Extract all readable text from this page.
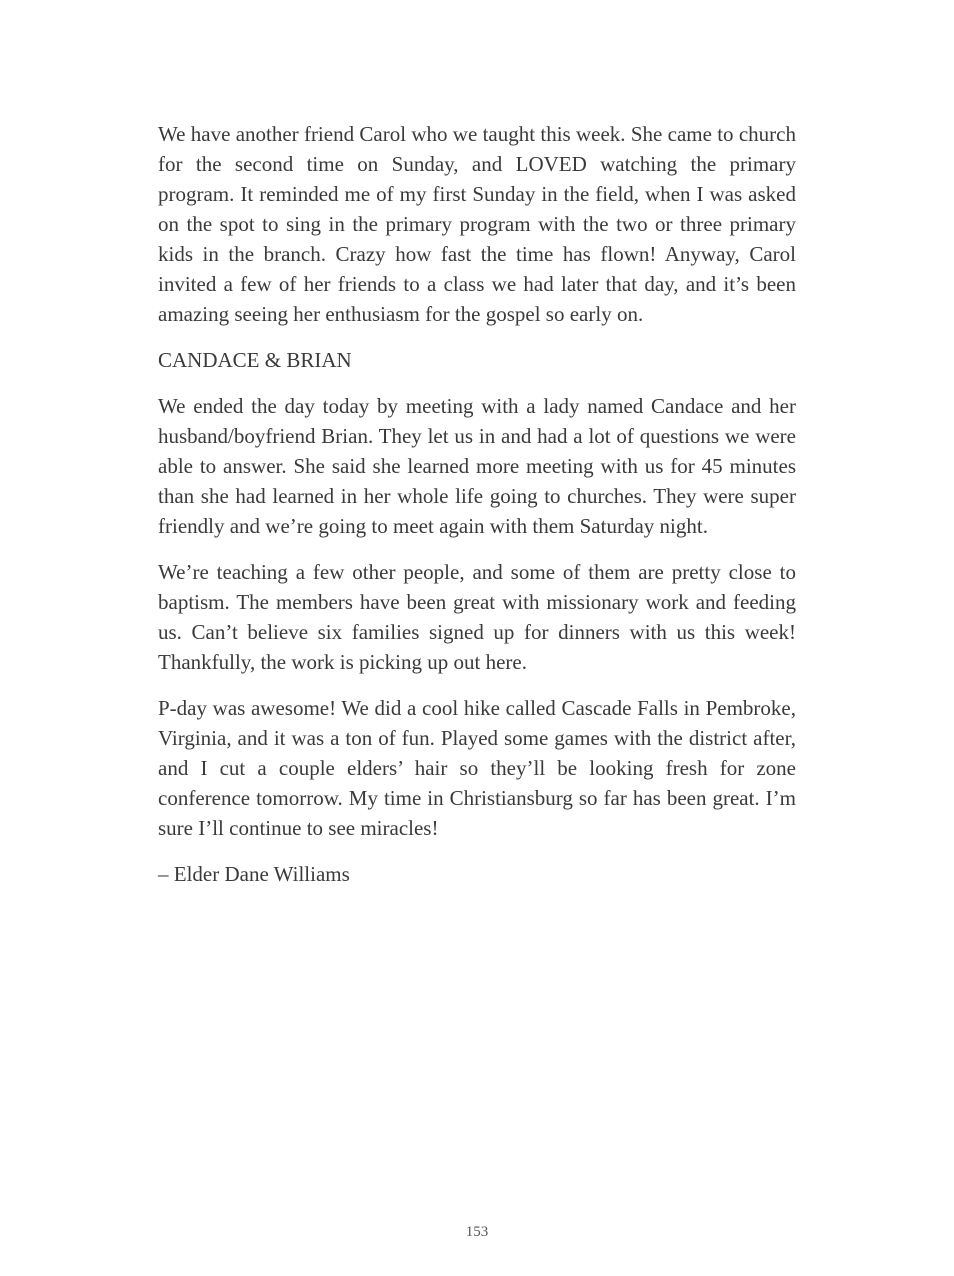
We have another friend Carol who we taught this week. She came to church for the second time on Sunday, and LOVED watching the primary program. It reminded me of my first Sunday in the field, when I was asked on the spot to sing in the primary program with the two or three primary kids in the branch. Crazy how fast the time has flown! Anyway, Carol invited a few of her friends to a class we had later that day, and it’s been amazing seeing her enthusiasm for the gospel so early on.

CANDACE & BRIAN

We ended the day today by meeting with a lady named Candace and her husband/boyfriend Brian. They let us in and had a lot of questions we were able to answer. She said she learned more meeting with us for 45 minutes than she had learned in her whole life going to churches. They were super friendly and we’re going to meet again with them Saturday night.

We’re teaching a few other people, and some of them are pretty close to baptism. The members have been great with missionary work and feeding us. Can’t believe six families signed up for dinners with us this week! Thankfully, the work is picking up out here.

P-day was awesome! We did a cool hike called Cascade Falls in Pembroke, Virginia, and it was a ton of fun. Played some games with the district after, and I cut a couple elders’ hair so they’ll be looking fresh for zone conference tomorrow. My time in Christiansburg so far has been great. I’m sure I’ll continue to see miracles!

– Elder Dane Williams

153
